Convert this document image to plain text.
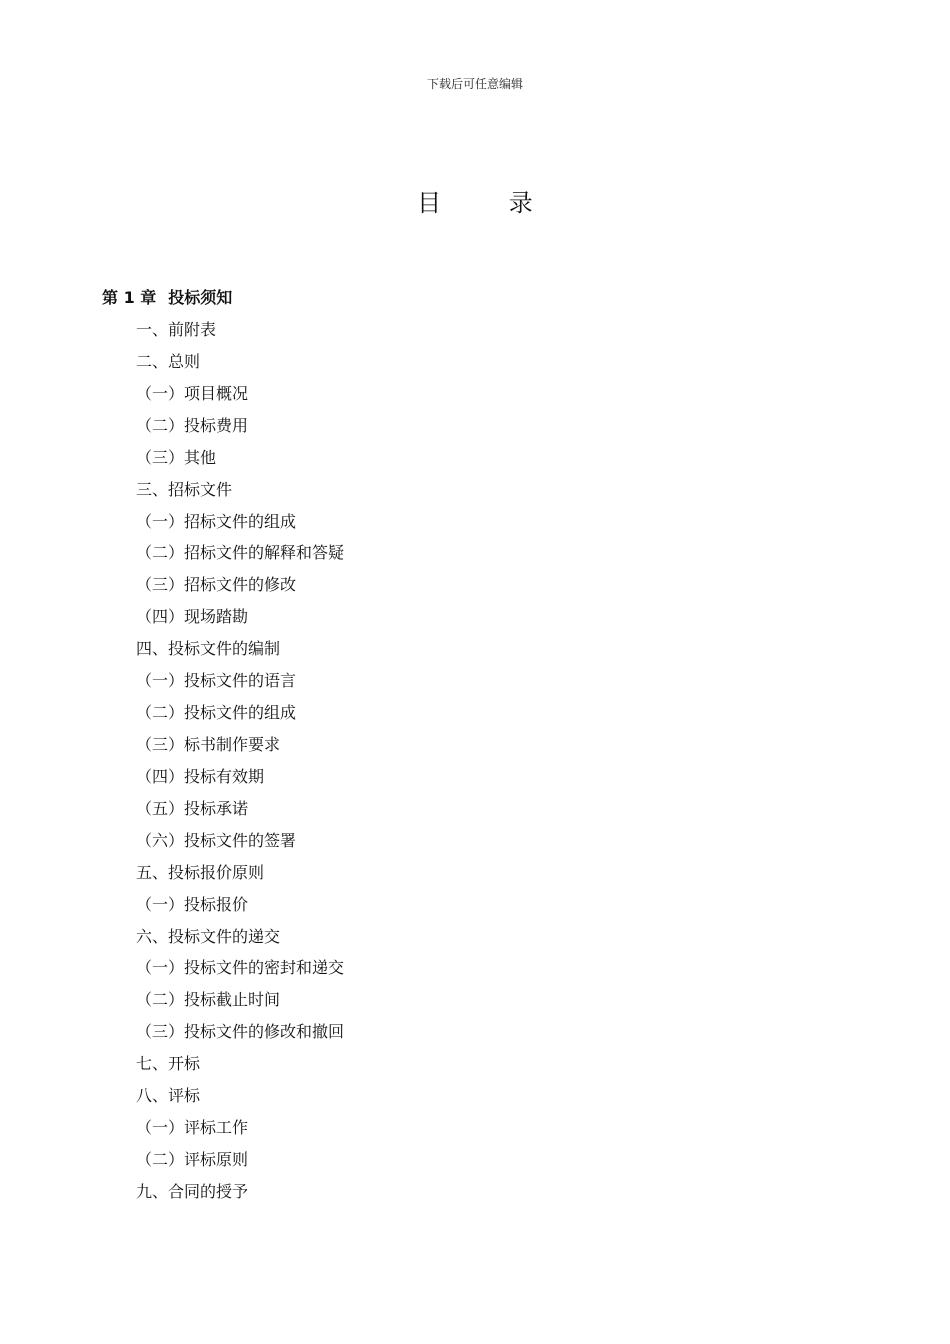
下载后可任意编辑
目 录
第 1 章 投标须知
一、前附表
二、总则
（一）项目概况
（二）投标费用
（三）其他
三、招标文件
（一）招标文件的组成
（二）招标文件的解释和答疑
（三）招标文件的修改
（四）现场踏勘
四、投标文件的编制
（一）投标文件的语言
（二）投标文件的组成
（三）标书制作要求
（四）投标有效期
（五）投标承诺
（六）投标文件的签署
五、投标报价原则
（一）投标报价
六、投标文件的递交
（一）投标文件的密封和递交
（二）投标截止时间
（三）投标文件的修改和撤回
七、开标
八、评标
（一）评标工作
（二）评标原则
九、合同的授予
